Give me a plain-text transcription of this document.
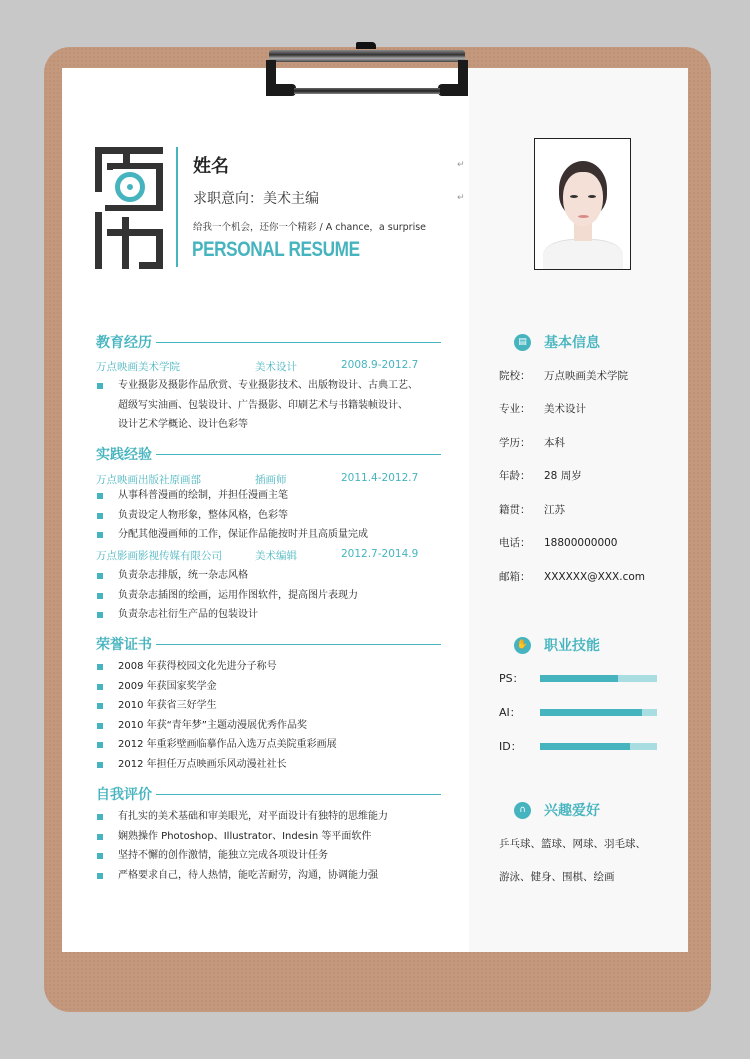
姓名
求职意向：美术主编
给我一个机会，还你一个精彩 / A chance，a surprise
PERSONAL RESUME
↵
↵
教育经历
万点映画美术学院	美术设计	2008.9-2012.7
专业摄影及摄影作品欣赏、专业摄影技术、出版物设计、古典工艺、
超级写实油画、包装设计、广告摄影、印刷艺术与书籍装帧设计、
设计艺术学概论、设计色彩等
实践经验
万点映画出版社原画部	插画师	2011.4-2012.7
从事科普漫画的绘制，并担任漫画主笔
负责设定人物形象，整体风格，色彩等
分配其他漫画师的工作，保证作品能按时并且高质量完成
万点影画影视传媒有限公司	美术编辑	2012.7-2014.9
负责杂志排版，统一杂志风格
负责杂志插图的绘画，运用作图软件，提高图片表现力
负责杂志社衍生产品的包装设计
荣誉证书
2008 年获得校园文化先进分子称号
2009 年获国家奖学金
2010 年获省三好学生
2010 年获“青年梦”主题动漫展优秀作品奖
2012 年重彩壁画临摹作品入选万点美院重彩画展
2012 年担任万点映画乐风动漫社社长
自我评价
有扎实的美术基础和审美眼光，对平面设计有独特的思维能力
娴熟操作 Photoshop、Illustrator、Indesin 等平面软件
坚持不懈的创作激情，能独立完成各项设计任务
严格要求自己，待人热情，能吃苦耐劳，沟通，协调能力强
▤	基本信息
院校： 万点映画美术学院
专业： 美术设计
学历： 本科
年龄： 28 周岁
籍贯： 江苏
电话： 18800000000
邮箱： XXXXXX@XXX.com
✋ 职业技能
PS：
AI：
ID：
∩	兴趣爱好
乒乓球、篮球、网球、羽毛球、
游泳、健身、围棋、绘画
